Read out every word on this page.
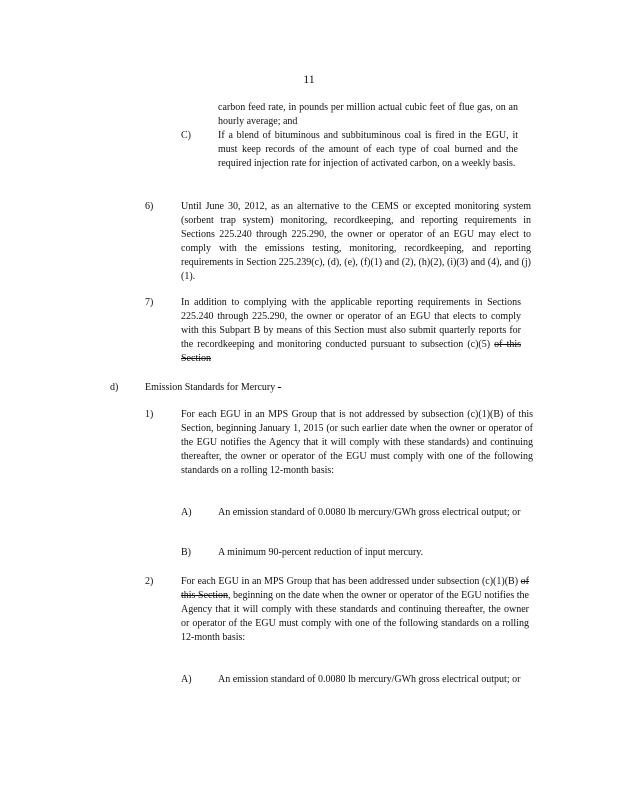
11
carbon feed rate, in pounds per million actual cubic feet of flue gas, on an hourly average; and
C)	If a blend of bituminous and subbituminous coal is fired in the EGU, it must keep records of the amount of each type of coal burned and the required injection rate for injection of activated carbon, on a weekly basis.
6)	Until June 30, 2012, as an alternative to the CEMS or excepted monitoring system (sorbent trap system) monitoring, recordkeeping, and reporting requirements in Sections 225.240 through 225.290, the owner or operator of an EGU may elect to comply with the emissions testing, monitoring, recordkeeping, and reporting requirements in Section 225.239(c), (d), (e), (f)(1) and (2), (h)(2), (i)(3) and (4), and (j)(1).
7)	In addition to complying with the applicable reporting requirements in Sections 225.240 through 225.290, the owner or operator of an EGU that elects to comply with this Subpart B by means of this Section must also submit quarterly reports for the recordkeeping and monitoring conducted pursuant to subsection (c)(5) of this Section
d)	Emission Standards for Mercury -
1)	For each EGU in an MPS Group that is not addressed by subsection (c)(1)(B) of this Section, beginning January 1, 2015 (or such earlier date when the owner or operator of the EGU notifies the Agency that it will comply with these standards) and continuing thereafter, the owner or operator of the EGU must comply with one of the following standards on a rolling 12-month basis:
A)	An emission standard of 0.0080 lb mercury/GWh gross electrical output; or
B)	A minimum 90-percent reduction of input mercury.
2)	For each EGU in an MPS Group that has been addressed under subsection (c)(1)(B) of this Section, beginning on the date when the owner or operator of the EGU notifies the Agency that it will comply with these standards and continuing thereafter, the owner or operator of the EGU must comply with one of the following standards on a rolling 12-month basis:
A)	An emission standard of 0.0080 lb mercury/GWh gross electrical output; or
